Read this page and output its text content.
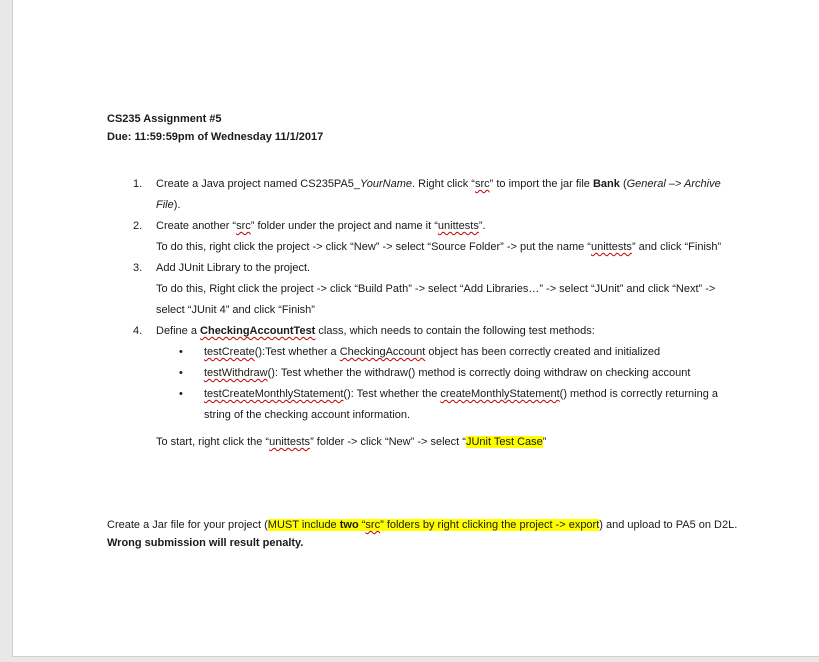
CS235 Assignment #5
Due: 11:59:59pm of Wednesday 11/1/2017
1. Create a Java project named CS235PA5_YourName. Right click “src” to import the jar file Bank (General –> Archive File).
2. Create another “src” folder under the project and name it “unittests”.
To do this, right click the project -> click “New” -> select “Source Folder” -> put the name “unittests” and click “Finish”
3. Add JUnit Library to the project.
To do this, Right click the project -> click “Build Path” -> select “Add Libraries…” -> select “JUnit” and click “Next” -> select “JUnit 4” and click “Finish”
4. Define a CheckingAccountTest class, which needs to contain the following test methods:
• testCreate():Test whether a CheckingAccount object has been correctly created and initialized
• testWithdraw(): Test whether the withdraw() method is correctly doing withdraw on checking account
• testCreateMonthlyStatement(): Test whether the createMonthlyStatement() method is correctly returning a string of the checking account information.
To start, right click the “unittests” folder -> click “New” -> select “JUnit Test Case”
Create a Jar file for your project (MUST include two “src” folders by right clicking the project -> export) and upload to PA5 on D2L. Wrong submission will result penalty.
